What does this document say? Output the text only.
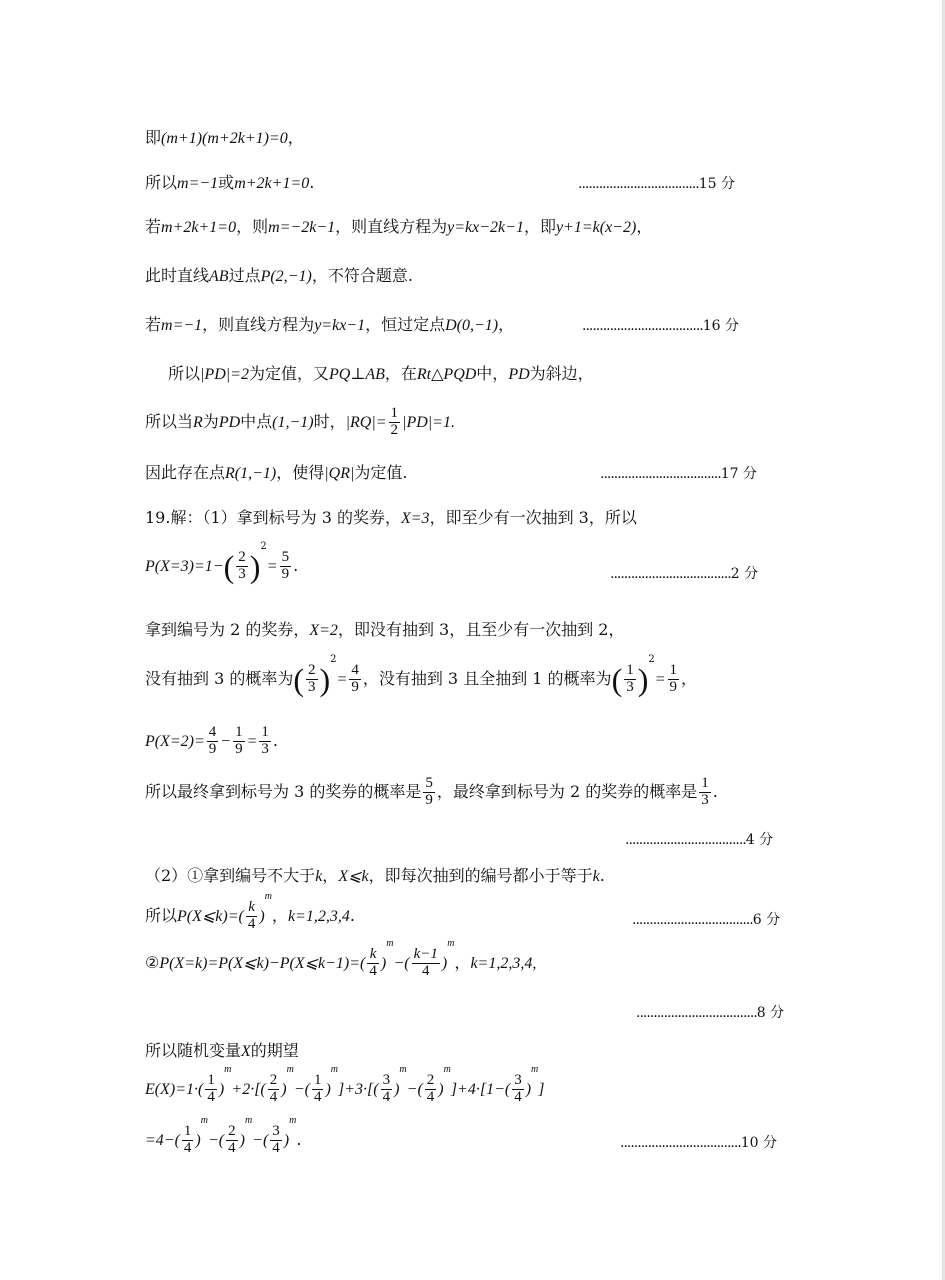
即(m+1)(m+2k+1)=0，
所以m=−1或m+2k+1=0.	...................................15 分
若m+2k+1=0，则m=−2k−1，则直线方程为y=kx−2k−1，即y+1=k(x−2)，
此时直线AB过点P(2,−1)，不符合题意.
若m=−1，则直线方程为y=kx−1，恒过定点D(0,−1)，	...................................16 分
所以|PD|=2为定值，又PQ⊥AB，在Rt△PQD中，PD为斜边，
所以当R为PD中点(1,−1)时，$|RQ|= \frac{1}{2} |PD|=1$.
因此存在点R(1,−1)，使得|QR|为定值.	...................................17 分
19.解：（1）拿到标号为 3 的奖券，X=3，即至少有一次抽到 3，所以
$P(X=3)=1-( \frac{2}{3} )^2= \frac{5}{9}$ .	...................................2 分
拿到编号为 2 的奖券，X=2，即没有抽到 3，且至少有一次抽到 2，
没有抽到 3 的概率为( $\frac{2}{3} )^2= \frac{4}{9}$ ，没有抽到 3 且全抽到 1 的概率为( $\frac{1}{3} )^2= \frac{1}{9}$ ，
$P(X=2)= \frac{4}{9} - \frac{1}{9} = \frac{1}{3}$ .
所以最终拿到标号为 3 的奖券的概率是 $\frac{5}{9}$ ，最终拿到标号为 2 的奖券的概率是 $\frac{1}{3}$ .
...................................4 分
（2）①拿到编号不大于k，X⩽k，即每次抽到的编号都小于等于k.
所以P(X⩽k)=( $\frac{k}{4} )^m$，k=1,2,3,4.	...................................6 分
②P(X=k)=P(X⩽k)−P(X⩽k−1)=( $\frac{k}{4} )^m-( \frac{k-1}{4} )^m$，k=1,2,3,4,
...................................8 分
所以随机变量X的期望
$E(X)=1\cdot( \frac{1}{4} )^m+2\cdot[( \frac{2}{4} )^m-( \frac{1}{4} )^m]+3\cdot[( \frac{3}{4} )^m-( \frac{2}{4} )^m]+4\cdot[1-( \frac{3}{4} )^m]$
$=4-( \frac{1}{4} )^m-( \frac{2}{4} )^m-( \frac{3}{4} )^m$.	...................................10 分
